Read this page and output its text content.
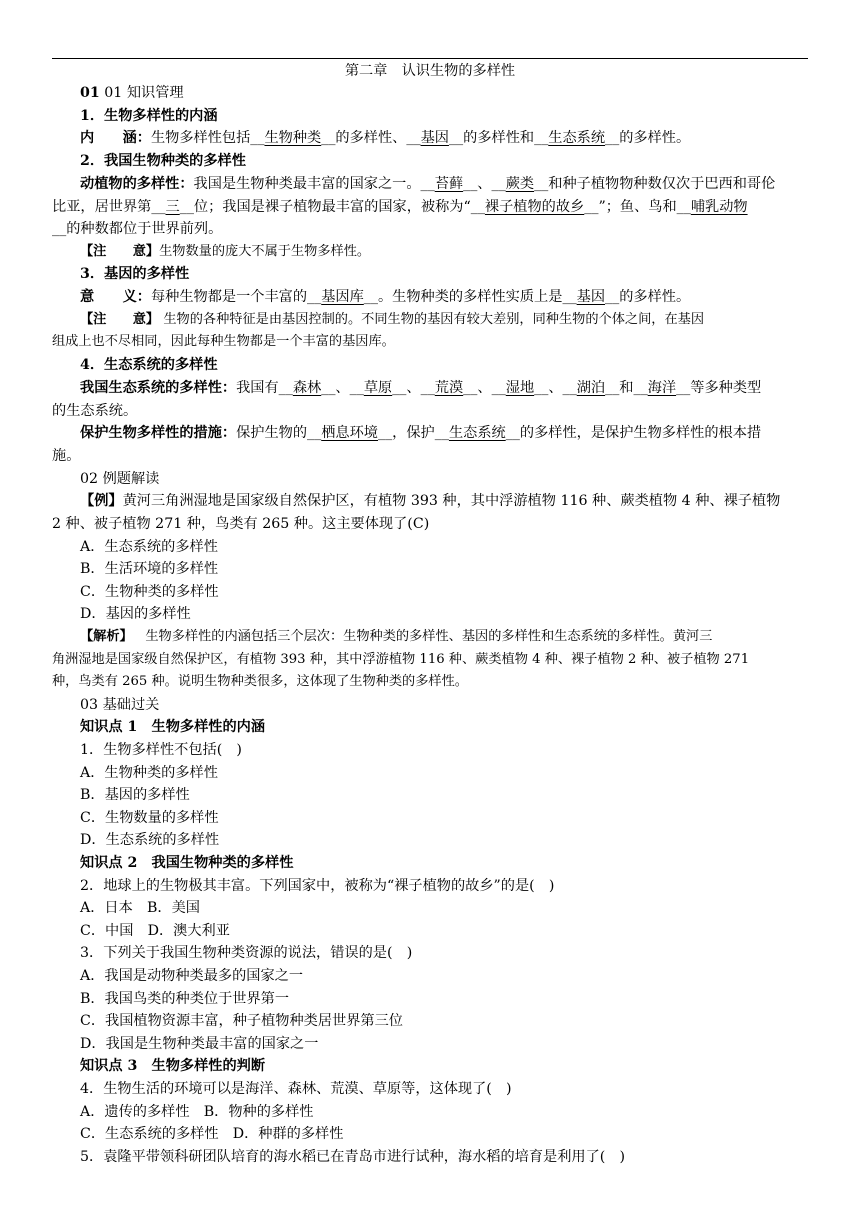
第二章　认识生物的多样性
01 01 知识管理
1．生物多样性的内涵
内　　涵：生物多样性包括__生物种类__的多样性、__基因__的多样性和__生态系统__的多样性。
2．我国生物种类的多样性
动植物的多样性：我国是生物种类最丰富的国家之一。__苔藓__、__蕨类__和种子植物物种数仅次于巴西和哥伦
比亚，居世界第__三__位；我国是裸子植物最丰富的国家，被称为“__裸子植物的故乡__”；鱼、鸟和__哺乳动物
__的种数都位于世界前列。
【注　　意】生物数量的庞大不属于生物多样性。
3．基因的多样性
意　　义：每种生物都是一个丰富的__基因库__。生物种类的多样性实质上是__基因__的多样性。
【注　　意】 生物的各种特征是由基因控制的。不同生物的基因有较大差别，同种生物的个体之间，在基因
组成上也不尽相同，因此每种生物都是一个丰富的基因库。
4．生态系统的多样性
我国生态系统的多样性：我国有__森林__、__草原__、__荒漠__、__湿地__、__湖泊__和__海洋__等多种类型
的生态系统。
保护生物多样性的措施：保护生物的__栖息环境__，保护__生态系统__的多样性，是保护生物多样性的根本措
施。
02 例题解读
【例】黄河三角洲湿地是国家级自然保护区，有植物 393 种，其中浮游植物 116 种、蕨类植物 4 种、裸子植物
2 种、被子植物 271 种，鸟类有 265 种。这主要体现了(C)
A．生态系统的多样性
B．生活环境的多样性
C．生物种类的多样性
D．基因的多样性
【解析】 生物多样性的内涵包括三个层次：生物种类的多样性、基因的多样性和生态系统的多样性。黄河三
角洲湿地是国家级自然保护区，有植物 393 种，其中浮游植物 116 种、蕨类植物 4 种、裸子植物 2 种、被子植物 271
种，鸟类有 265 种。说明生物种类很多，这体现了生物种类的多样性。
03 基础过关
知识点 1　生物多样性的内涵
1．生物多样性不包括(　)
A．生物种类的多样性
B．基因的多样性
C．生物数量的多样性
D．生态系统的多样性
知识点 2　我国生物种类的多样性
2．地球上的生物极其丰富。下列国家中，被称为“裸子植物的故乡”的是(　)
A．日本　B．美国
C．中国　D．澳大利亚
3．下列关于我国生物种类资源的说法，错误的是(　)
A．我国是动物种类最多的国家之一
B．我国鸟类的种类位于世界第一
C．我国植物资源丰富，种子植物种类居世界第三位
D．我国是生物种类最丰富的国家之一
知识点 3　生物多样性的判断
4．生物生活的环境可以是海洋、森林、荒漠、草原等，这体现了(　)
A．遗传的多样性　B．物种的多样性
C．生态系统的多样性　D．种群的多样性
5．袁隆平带领科研团队培育的海水稻已在青岛市进行试种，海水稻的培育是利用了(　)
